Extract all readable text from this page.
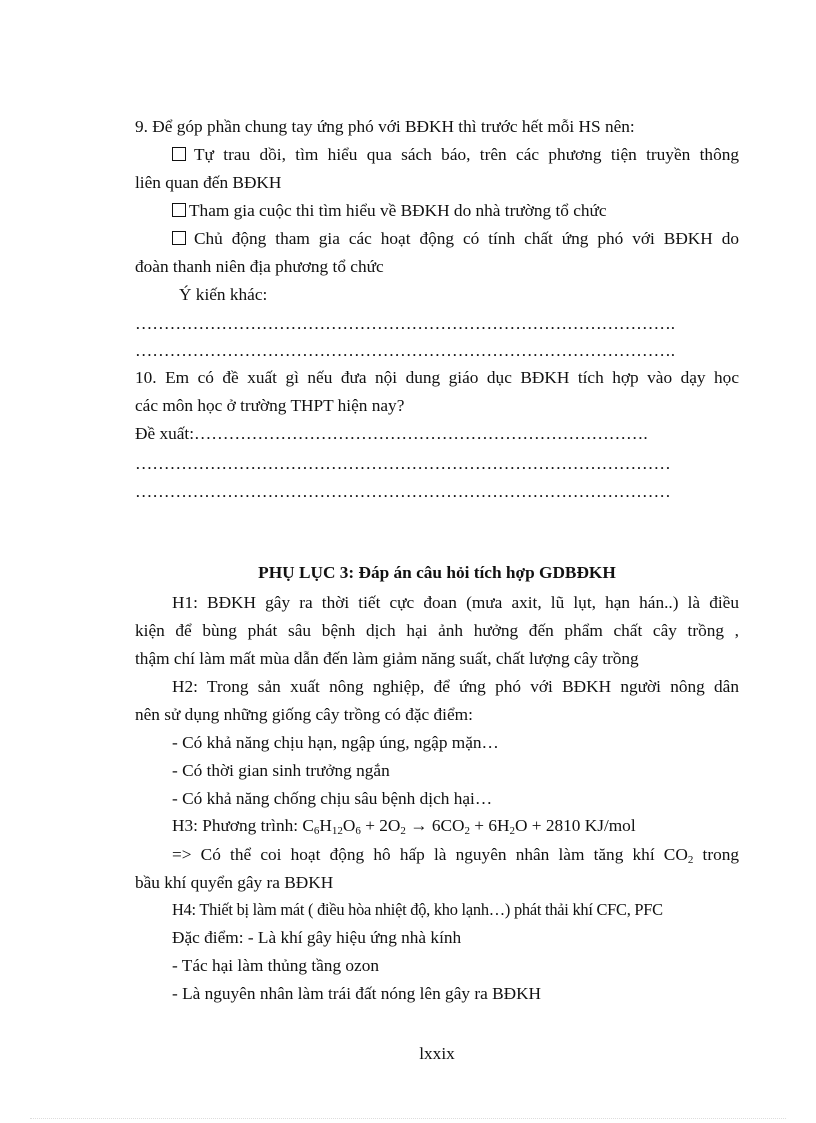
9. Để góp phần chung tay ứng phó với BĐKH thì trước hết mỗi HS nên:
Tự trau dồi, tìm hiểu qua sách báo, trên các phương tiện truyền thông
liên quan đến BĐKH
Tham gia cuộc thi tìm hiểu về BĐKH do nhà trường tổ chức
Chủ động tham gia các hoạt động có tính chất ứng phó với BĐKH do
đoàn thanh niên địa phương tổ chức
Ý kiến khác:
………………………………………………………………………………….
………………………………………………………………………………….
10. Em có đề xuất gì nếu đưa nội dung giáo dục BĐKH tích hợp vào dạy học
các môn học ở trường THPT hiện nay?
Đề xuất:…………………………………………………………………….
…………………………………………………………………………………
…………………………………………………………………………………
PHỤ LỤC 3: Đáp án câu hỏi tích hợp GDBĐKH
H1: BĐKH gây ra thời tiết cực đoan (mưa axit, lũ lụt, hạn hán..) là điều
kiện để bùng phát sâu bệnh dịch hại ảnh hưởng đến phẩm chất cây trồng ,
thậm chí làm mất mùa dẫn đến làm giảm năng suất, chất lượng cây trồng
H2: Trong sản xuất nông nghiệp, để ứng phó với BĐKH người nông dân
nên sử dụng những giống cây trồng có đặc điểm:
- Có khả năng chịu hạn, ngập úng, ngập mặn…
- Có thời gian sinh trưởng ngắn
- Có khả năng chống chịu sâu bệnh dịch hại…
H3: Phương trình: $C_6H_{12}O_6 + 2O_2 \to 6CO_2 + 6H_2O + 2810$ KJ/mol
=> Có thể coi hoạt động hô hấp là nguyên nhân làm tăng khí $CO_2$ trong
bầu khí quyển gây ra BĐKH
H4: Thiết bị làm mát ( điều hòa nhiệt độ, kho lạnh…) phát thải khí CFC, PFC
Đặc điểm: - Là khí gây hiệu ứng nhà kính
- Tác hại làm thủng tầng ozon
- Là nguyên nhân làm trái đất nóng lên gây ra BĐKH
lxxix
